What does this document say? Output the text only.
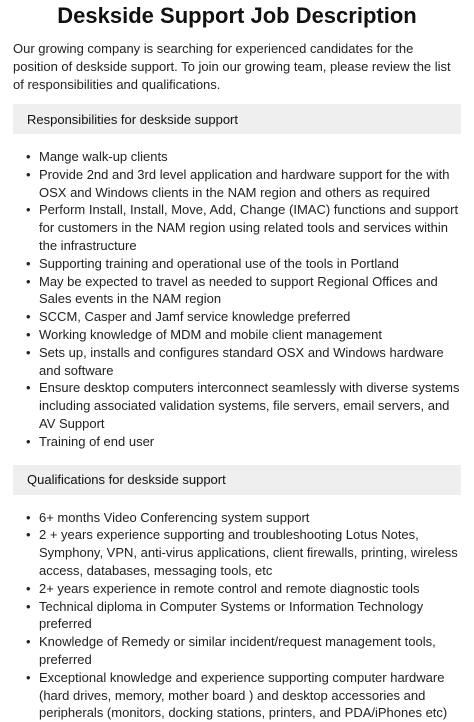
Deskside Support Job Description

Our growing company is searching for experienced candidates for the position of deskside support. To join our growing team, please review the list of responsibilities and qualifications.

Responsibilities for deskside support
• Mange walk-up clients
• Provide 2nd and 3rd level application and hardware support for the with OSX and Windows clients in the NAM region and others as required
• Perform Install, Install, Move, Add, Change (IMAC) functions and support for customers in the NAM region using related tools and services within the infrastructure
• Supporting training and operational use of the tools in Portland
• May be expected to travel as needed to support Regional Offices and Sales events in the NAM region
• SCCM, Casper and Jamf service knowledge preferred
• Working knowledge of MDM and mobile client management
• Sets up, installs and configures standard OSX and Windows hardware and software
• Ensure desktop computers interconnect seamlessly with diverse systems including associated validation systems, file servers, email servers, and AV Support
• Training of end user
Qualifications for deskside support
• 6+ months Video Conferencing system support
• 2 + years experience supporting and troubleshooting Lotus Notes, Symphony, VPN, anti-virus applications, client firewalls, printing, wireless access, databases, messaging tools, etc
• 2+ years experience in remote control and remote diagnostic tools
• Technical diploma in Computer Systems or Information Technology preferred
• Knowledge of Remedy or similar incident/request management tools, preferred
• Exceptional knowledge and experience supporting computer hardware (hard drives, memory, mother board ) and desktop accessories and peripherals (monitors, docking stations, printers, and PDA/iPhones etc)
